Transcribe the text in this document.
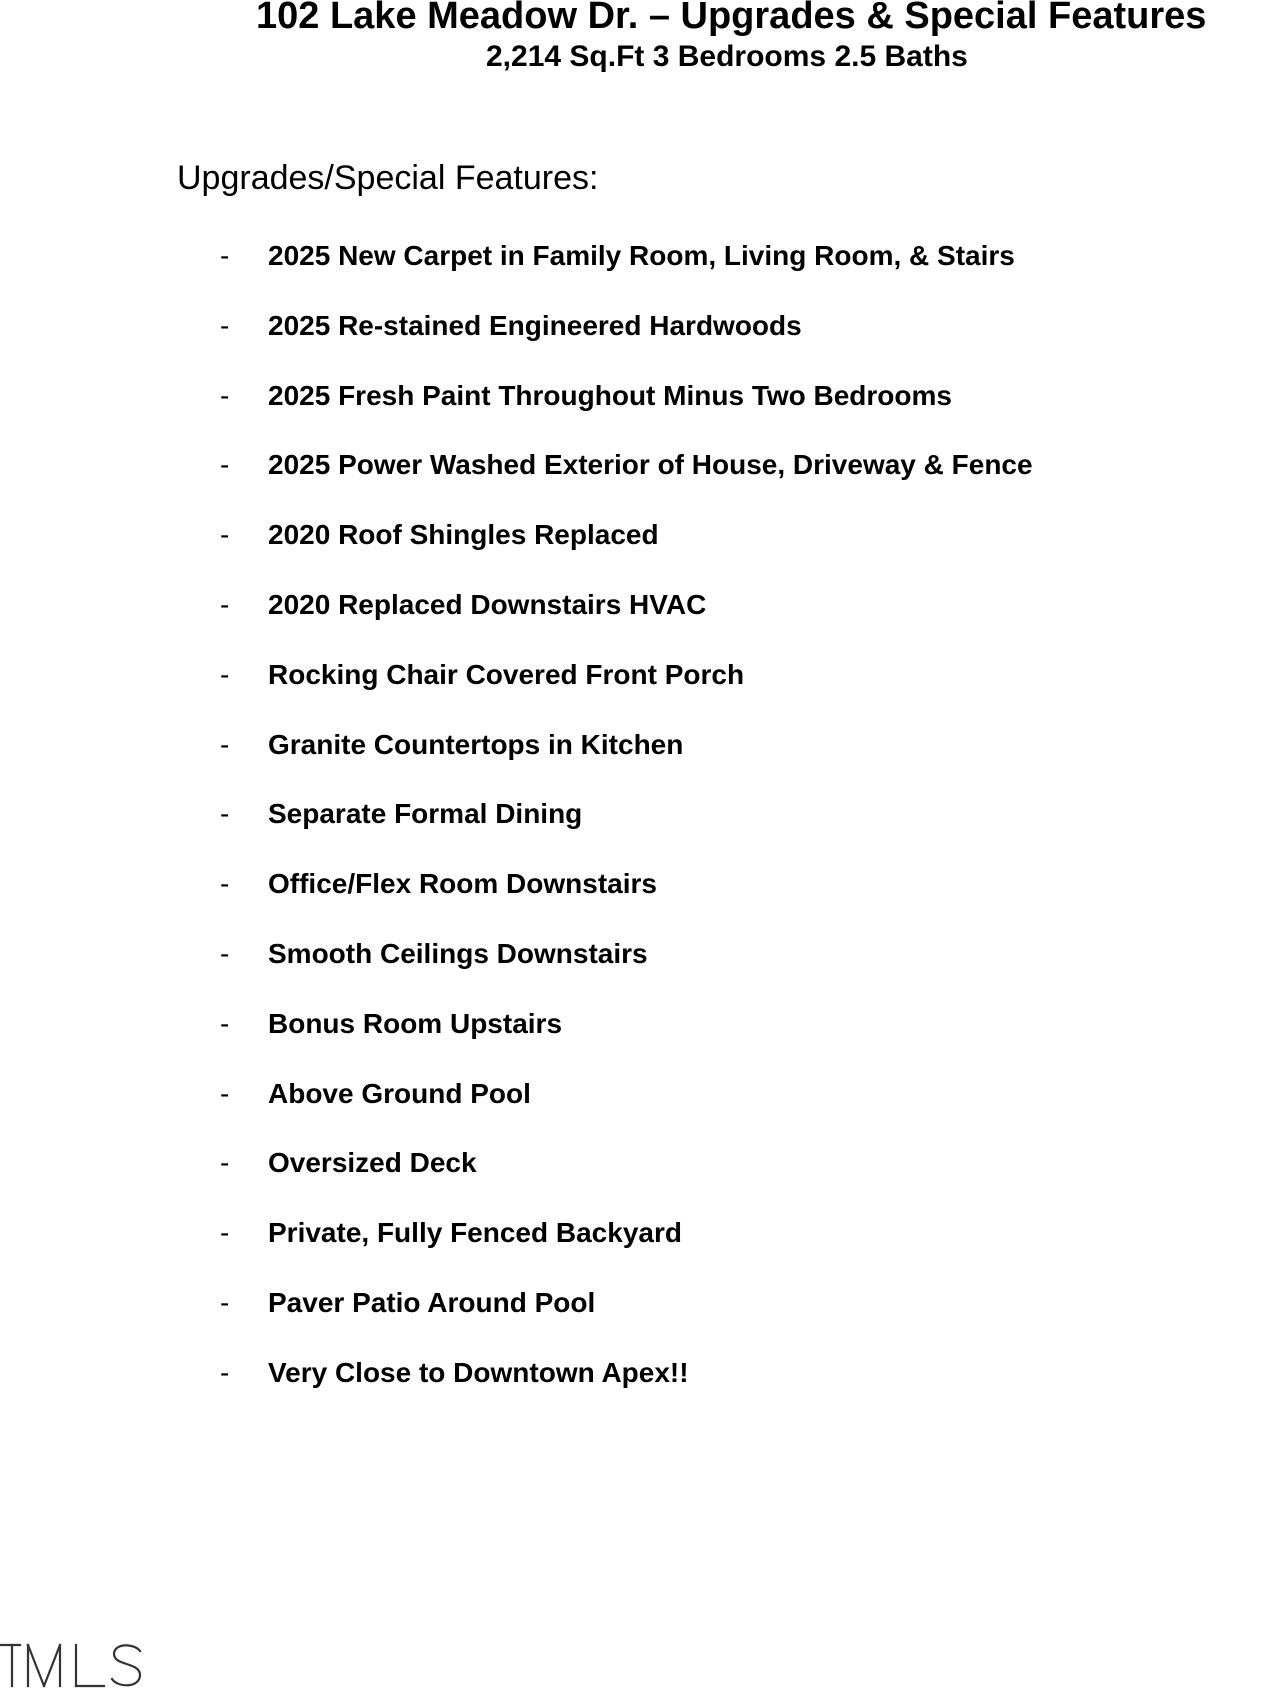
102 Lake Meadow Dr. – Upgrades & Special Features
2,214 Sq.Ft 3 Bedrooms 2.5 Baths
Upgrades/Special Features:
-	2025 New Carpet in Family Room, Living Room, & Stairs
-	2025 Re-stained Engineered Hardwoods
-	2025 Fresh Paint Throughout Minus Two Bedrooms
-	2025 Power Washed Exterior of House, Driveway & Fence
-	2020 Roof Shingles Replaced
-	2020 Replaced Downstairs HVAC
-	Rocking Chair Covered Front Porch
-	Granite Countertops in Kitchen
-	Separate Formal Dining
-	Office/Flex Room Downstairs
-	Smooth Ceilings Downstairs
-	Bonus Room Upstairs
-	Above Ground Pool
-	Oversized Deck
-	Private, Fully Fenced Backyard
-	Paver Patio Around Pool
-	Very Close to Downtown Apex!!
